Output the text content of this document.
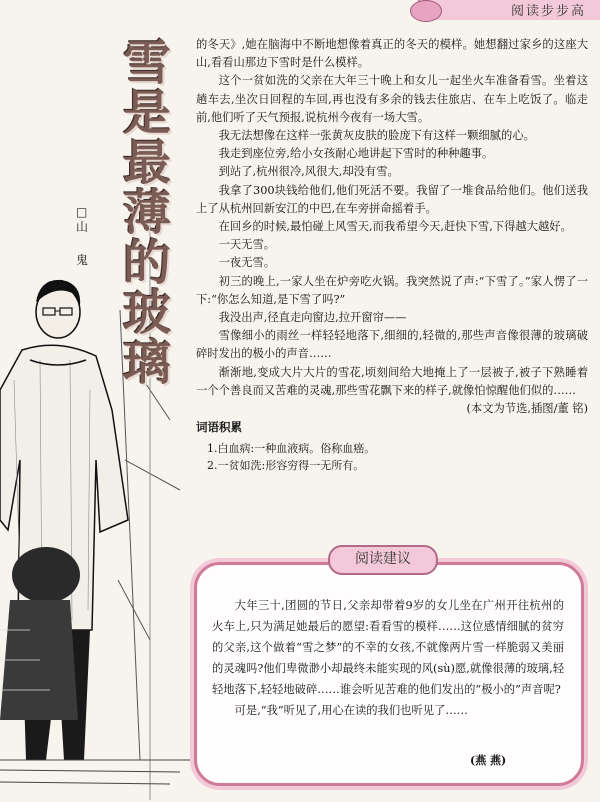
阅读步步高
雪
是
最
薄
的
玻
璃
□山
鬼

的冬天》,她在脑海中不断地想像着真正的冬天的模样。她想翻过家乡的这座大山,看看山那边下雪时是什么模样。

这个一贫如洗的父亲在大年三十晚上和女儿一起坐火车准备看雪。坐着这趟车去,坐次日回程的车回,再也没有多余的钱去住旅店、在车上吃饭了。临走前,他们听了天气预报,说杭州今夜有一场大雪。

我无法想像在这样一张黄灰皮肤的脸庞下有这样一颗细腻的心。

我走到座位旁,给小女孩耐心地讲起下雪时的种种趣事。

到站了,杭州很冷,风很大,却没有雪。

我拿了300块钱给他们,他们死活不要。我留了一堆食品给他们。他们送我上了从杭州回新安江的中巴,在车旁拼命摇着手。

在回乡的时候,最怕碰上风雪天,而我希望今天,赶快下雪,下得越大越好。

一天无雪。

一夜无雪。

初三的晚上,一家人坐在炉旁吃火锅。我突然说了声:“下雪了。”家人愣了一下:“你怎么知道,是下雪了吗?”

我没出声,径直走向窗边,拉开窗帘——

雪像细小的雨丝一样轻轻地落下,细细的,轻微的,那些声音像很薄的玻璃破碎时发出的极小的声音……

渐渐地,变成大片大片的雪花,顷刻间给大地掩上了一层被子,被子下熟睡着一个个善良而又苦难的灵魂,那些雪花飘下来的样子,就像怕惊醒他们似的……

(本文为节选,插图/董 铭)

词语积累

1.白血病:一种血液病。俗称血癌。

2.一贫如洗:形容穷得一无所有。

阅读建议

大年三十,团圆的节日,父亲却带着9岁的女儿坐在广州开往杭州的火车上,只为满足她最后的愿望:看看雪的模样……这位感情细腻的贫穷的父亲,这个做着“雪之梦”的不幸的女孩,不就像两片雪一样脆弱又美丽的灵魂吗?他们卑微渺小却最终未能实现的风(sù)愿,就像很薄的玻璃,轻轻地落下,轻轻地破碎……谁会听见苦难的他们发出的“极小的”声音呢?

可是,“我”听见了,用心在读的我们也听见了……

(燕 燕)
